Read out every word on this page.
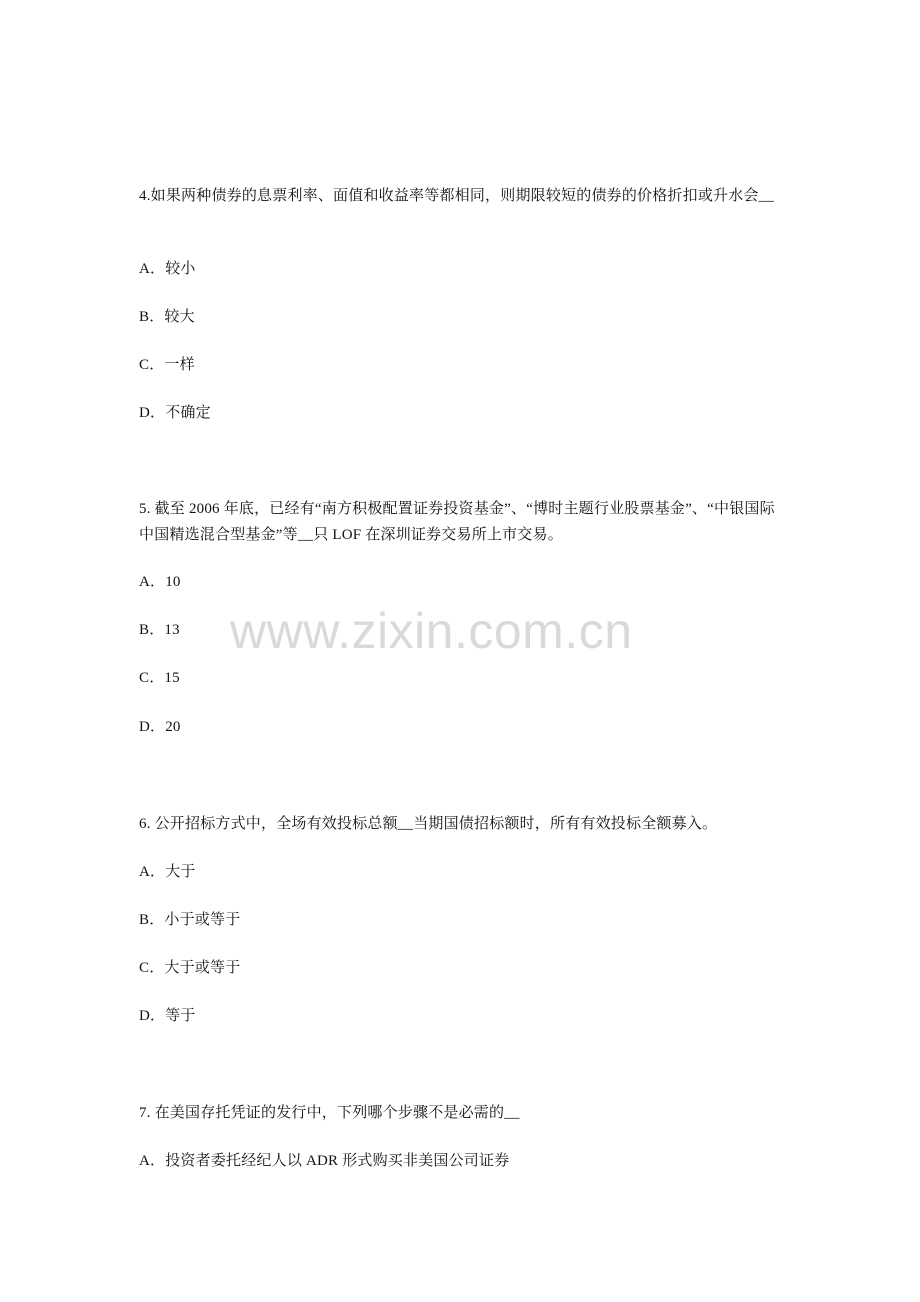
4.如果两种债券的息票利率、面值和收益率等都相同，则期限较短的债券的价格折扣或升水会__
A．较小
B．较大
C．一样
D．不确定
5. 截至 2006 年底，已经有“南方积极配置证券投资基金”、“博时主题行业股票基金”、“中银国际中国精选混合型基金”等__只 LOF 在深圳证券交易所上市交易。
A．10
B．13
C．15
D．20
6. 公开招标方式中，全场有效投标总额__当期国债招标额时，所有有效投标全额募入。
A．大于
B．小于或等于
C．大于或等于
D．等于
7. 在美国存托凭证的发行中，下列哪个步骤不是必需的__
A．投资者委托经纪人以 ADR 形式购买非美国公司证券
www.zixin.com.cn
